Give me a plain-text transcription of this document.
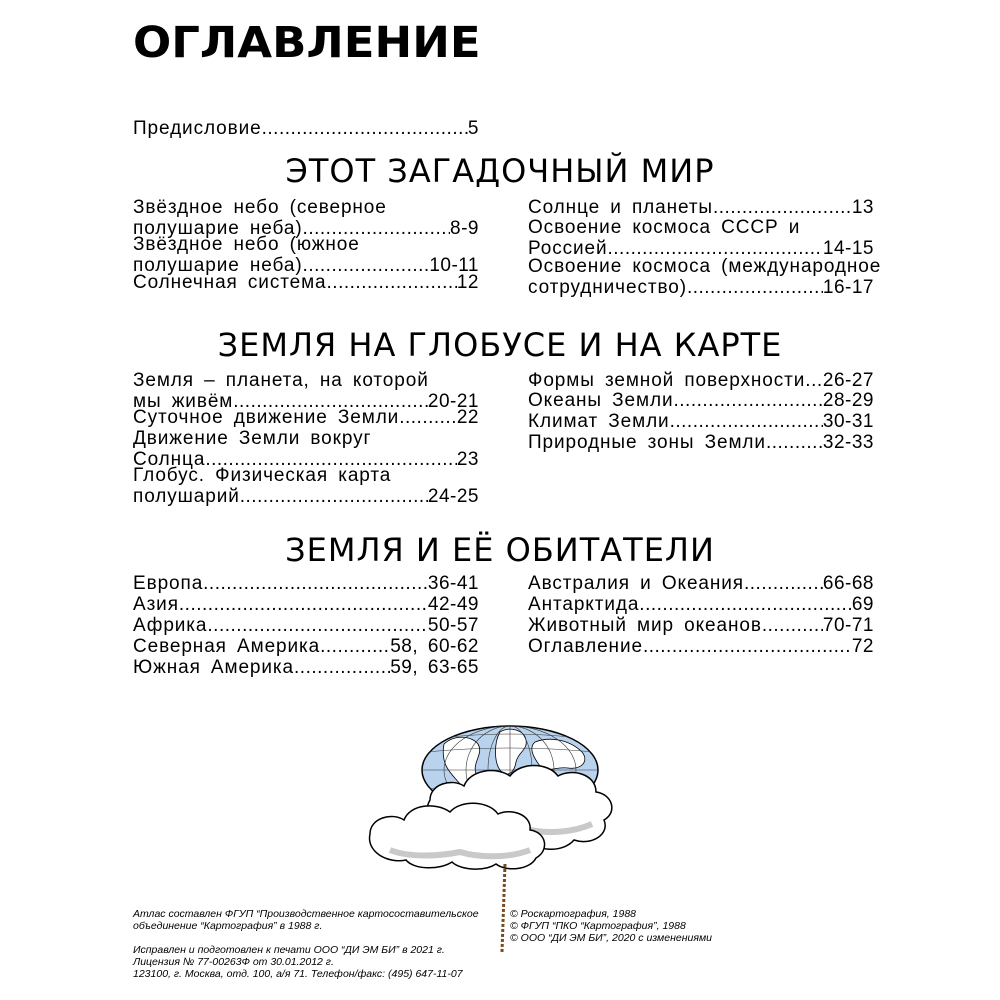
ОГЛАВЛЕНИЕ
Предисловие .....	5
ЭТОТ ЗАГАДОЧНЫЙ МИР
Звёздное небо (северное
полушарие неба) .....	8-9
Звёздное небо (южное
полушарие неба) .....	10-11
Солнечная система .....	12
Солнце и планеты .....	13
Освоение космоса СССР и
Россией .....	14-15
Освоение космоса (международное
сотрудничество) .....	16-17
ЗЕМЛЯ НА ГЛОБУСЕ И НА КАРТЕ
Земля – планета, на которой
мы живём .....	20-21
Суточное движение Земли .....	22
Движение Земли вокруг
Солнца .....	23
Глобус. Физическая карта
полушарий .....	24-25
Формы земной поверхности ..... 26-27
Океаны Земли .....	28-29
Климат Земли .....	30-31
Природные зоны Земли .....	32-33
ЗЕМЛЯ И ЕЁ ОБИТАТЕЛИ
Европа .....	36-41
Азия .....	42-49
Африка .....	50-57
Северная Америка .....	58, 60-62
Южная Америка .....	59, 63-65
Австралия и Океания .....	66-68
Антарктида .....	69
Животный мир океанов .....	70-71
Оглавление .....	72
Атлас составлен ФГУП “Производственное картосоставительское
объединение “Картография” в 1988 г.
Исправлен и подготовлен к печати ООО “ДИ ЭМ БИ” в 2021 г.
Лицензия № 77-00263Ф от 30.01.2012 г.
123100, г. Москва, отд. 100, а/я 71. Телефон/факс: (495) 647-11-07
© Роскартография, 1988
© ФГУП “ПКО “Картография”, 1988
© ООО “ДИ ЭМ БИ”, 2020 с изменениями
